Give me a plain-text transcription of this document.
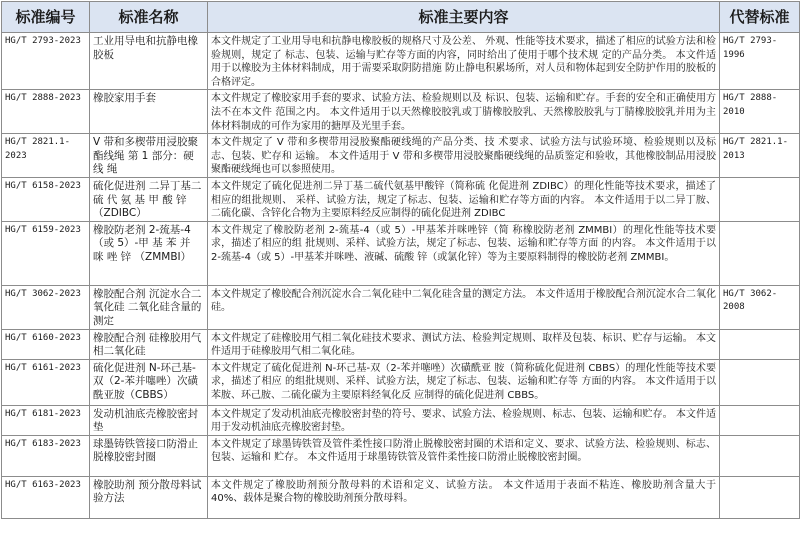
标准编号	标准名称	标准主要内容	代替标准
HG/T 2793-2023	工业用导电和抗静电橡 胶板	本文件规定了工业用导电和抗静电橡胶板的规格尺寸及公差、 外观、性能等技术要求，描述了相应的试验方法和检验规则，规定了 标志、包装、运输与贮存等方面的内容，同时给出了使用于哪个技术规 定的产品分类。 本文件适用于以橡胶为主体材料制成，用于需要采取阴防措施 防止静电积累场所，对人员和物体起到安全防护作用的胶板的合格评定。	HG/T 2793-1996
HG/T 2888-2023	橡胶家用手套	本文件规定了橡胶家用手套的要求、试验方法、检验规则以及 标识、包装、运输和贮存。手套的安全和正确使用方法不在本文件 范围之内。 本文件适用于以天然橡胶胶乳或丁腈橡胶胶乳、天然橡胶胶乳与丁腈橡胶胶乳并用为主体材料制成的可作为家用的搪厚及光里手套。	HG/T 2888-2010
HG/T 2821.1-2023	V 带和多楔带用浸胶聚 酯线绳 第 1 部分：硬线 绳	本文件规定了 V 带和多楔带用浸胶聚酯硬线绳的产品分类、技 术要求、试验方法与试验环境、检验规则以及标志、包装、贮存和 运输。 本文件适用于 V 带和多楔带用浸胶聚酯硬线绳的品质鉴定和验收，其他橡胶制品用浸胶聚酯硬线绳也可以参照使用。	HG/T 2821.1-2013
HG/T 6158-2023	硫化促进剂 二异丁基二 硫 代 氨 基 甲 酸 锌 （ZDIBC）	本文件规定了硫化促进剂二异丁基二硫代氨基甲酸锌（简称硫 化促进剂 ZDIBC）的理化性能等技术要求，描述了相应的组批规则、 采样、试验方法，规定了标志、包装、运输和贮存等方面的内容。 本文件适用于以二异丁胺、二硫化碳、含锌化合物为主要原料经反应制得的硫化促进剂 ZDIBC	
HG/T 6159-2023	橡胶防老剂 2-巯基-4（或 5）-甲 基 苯 并 咪 唑 锌 （ZMMBI）	本文件规定了橡胶防老剂 2-巯基-4（或 5）-甲基苯并咪唑锌（简 称橡胶防老剂 ZMMBI）的理化性能等技术要求，描述了相应的组 批规则、采样、试验方法，规定了标志、包装、运输和贮存等方面 的内容。 本文件适用于以 2-巯基-4（或 5）-甲基苯并咪唑、液碱、硫酸 锌（或氯化锌）等为主要原料制得的橡胶防老剂 ZMMBI。	
HG/T 3062-2023	橡胶配合剂 沉淀水合二 氧化硅 二氧化硅含量的测定	本文件规定了橡胶配合剂沉淀水合二氧化硅中二氧化硅含量的测定方法。 本文件适用于橡胶配合剂沉淀水合二氧化硅。	HG/T 3062-2008
HG/T 6160-2023	橡胶配合剂 硅橡胶用气 相二氧化硅	本文件规定了硅橡胶用气相二氧化硅技术要求、测试方法、检验判定规则、取样及包装、标识、贮存与运输。 本文件适用于硅橡胶用气相二氧化硅。	
HG/T 6161-2023	硫化促进剂 N-环己基- 双（2-苯并噻唑）次磺酰亚胺（CBBS）	本文件规定了硫化促进剂 N-环己基-双（2-苯并噻唑）次磺酰亚 胺（简称硫化促进剂 CBBS）的理化性能等技术要求，描述了相应 的组批规则、采样、试验方法，规定了标志、包装、运输和贮存等 方面的内容。 本文件适用于以苯胺、环己胺、二硫化碳为主要原料经氧化反 应制得的硫化促进剂 CBBS。	
HG/T 6181-2023	发动机油底壳橡胶密封垫	本文件规定了发动机油底壳橡胶密封垫的符号、要求、试验方法、检验规则、标志、包装、运输和贮存。 本文件适用于发动机油底壳橡胶密封垫。	
HG/T 6183-2023	球墨铸铁管接口防滑止脱橡胶密封圈	本文件规定了球墨铸铁管及管件柔性接口防滑止脱橡胶密封圈的术语和定义、要求、试验方法、检验规则、标志、包装、运输和 贮存。 本文件适用于球墨铸铁管及管件柔性接口防滑止脱橡胶密封圈。	
HG/T 6163-2023	橡胶助剂 预分散母料试验方法	本文件规定了橡胶助剂预分散母料的术语和定义、试验方法。 本文件适用于表面不粘连、橡胶助剂含量大于 40%、载体是聚合物的橡胶助剂预分散母料。	
